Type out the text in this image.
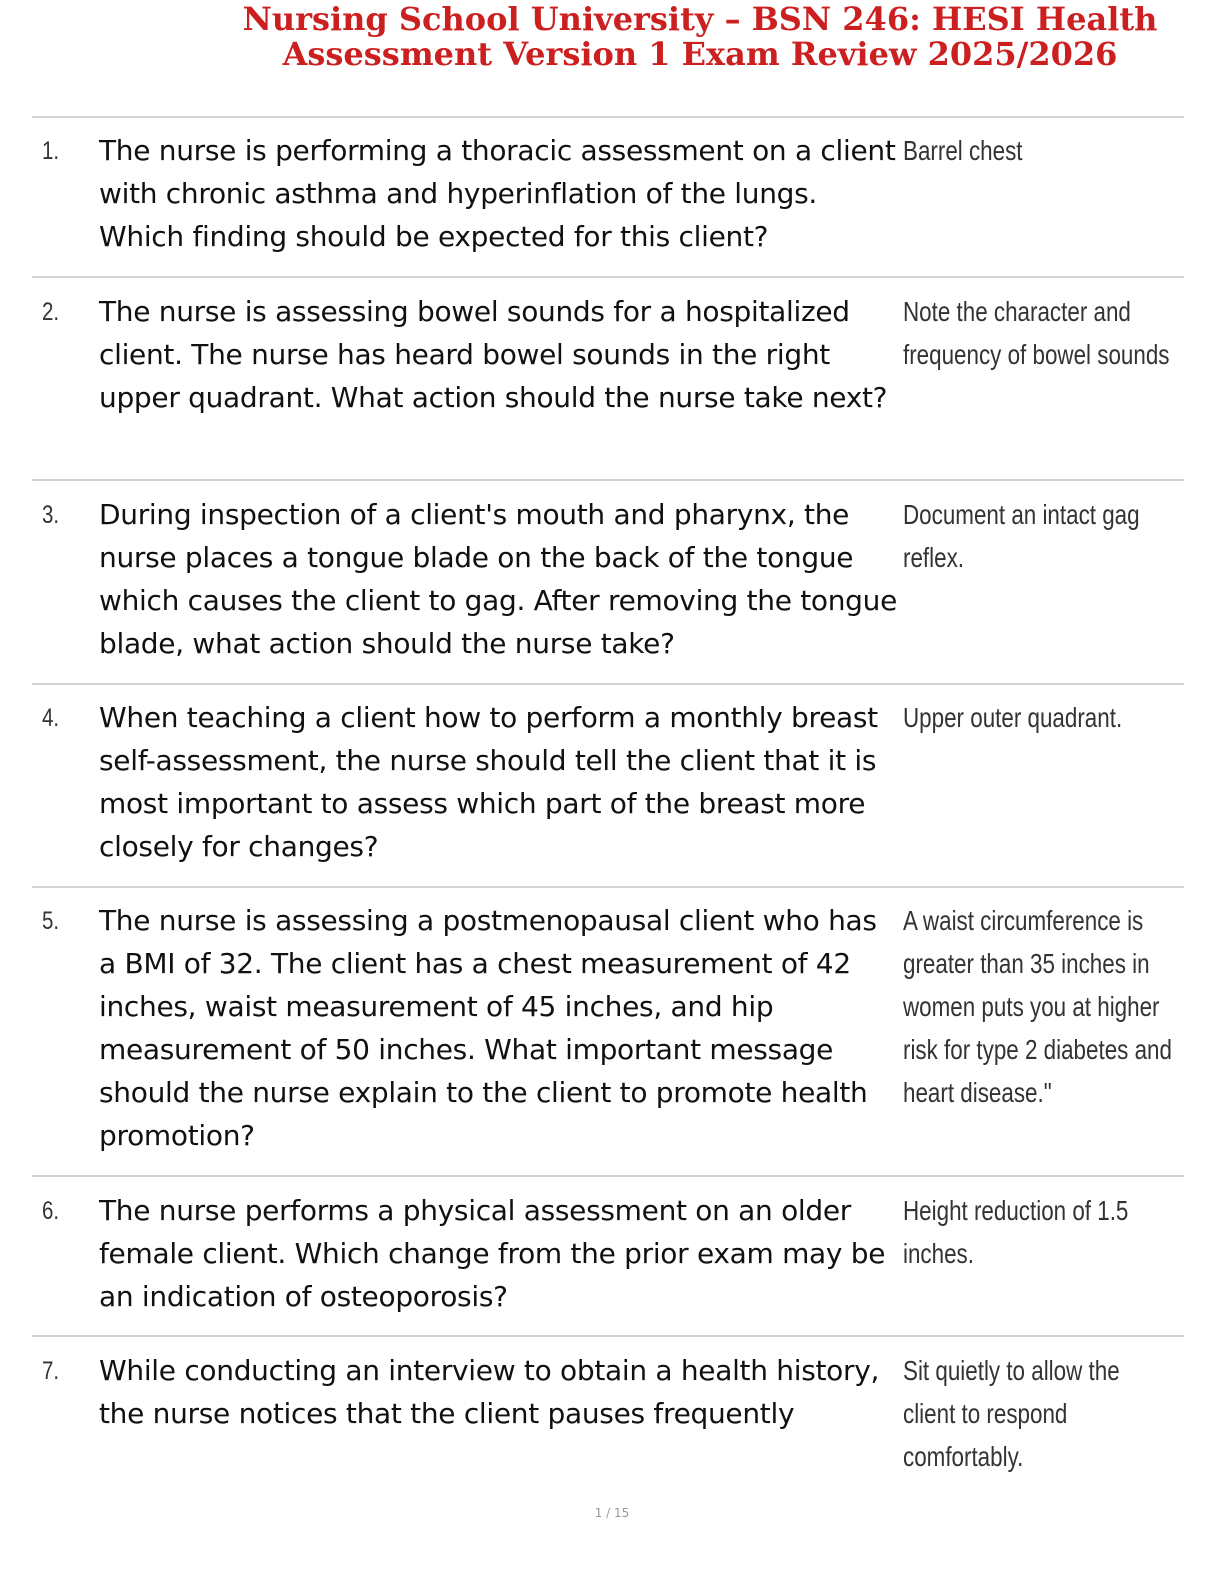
Nursing School University – BSN 246: HESI Health Assessment Version 1 Exam Review 2025/2026
1. The nurse is performing a thoracic assessment on a client with chronic asthma and hyperinflation of the lungs. Which finding should be expected for this client?

Barrel chest

2. The nurse is assessing bowel sounds for a hospitalized client. The nurse has heard bowel sounds in the right upper quadrant. What action should the nurse take next?

Note the character and frequency of bowel sounds

3. During inspection of a client's mouth and pharynx, the nurse places a tongue blade on the back of the tongue which causes the client to gag. After removing the tongue blade, what action should the nurse take?

Document an intact gag reflex.

4. When teaching a client how to perform a monthly breast self-assessment, the nurse should tell the client that it is most important to assess which part of the breast more closely for changes?

Upper outer quadrant.

5. The nurse is assessing a postmenopausal client who has a BMI of 32. The client has a chest measurement of 42 inches, waist measurement of 45 inches, and hip measurement of 50 inches. What important message should the nurse explain to the client to promote health promotion?

A waist circumference is greater than 35 inches in women puts you at higher risk for type 2 diabetes and heart disease."

6. The nurse performs a physical assessment on an older female client. Which change from the prior exam may be an indication of osteoporosis?

Height reduction of 1.5 inches.

7. While conducting an interview to obtain a health history, the nurse notices that the client pauses frequently

Sit quietly to allow the client to respond comfortably.

1 / 15
